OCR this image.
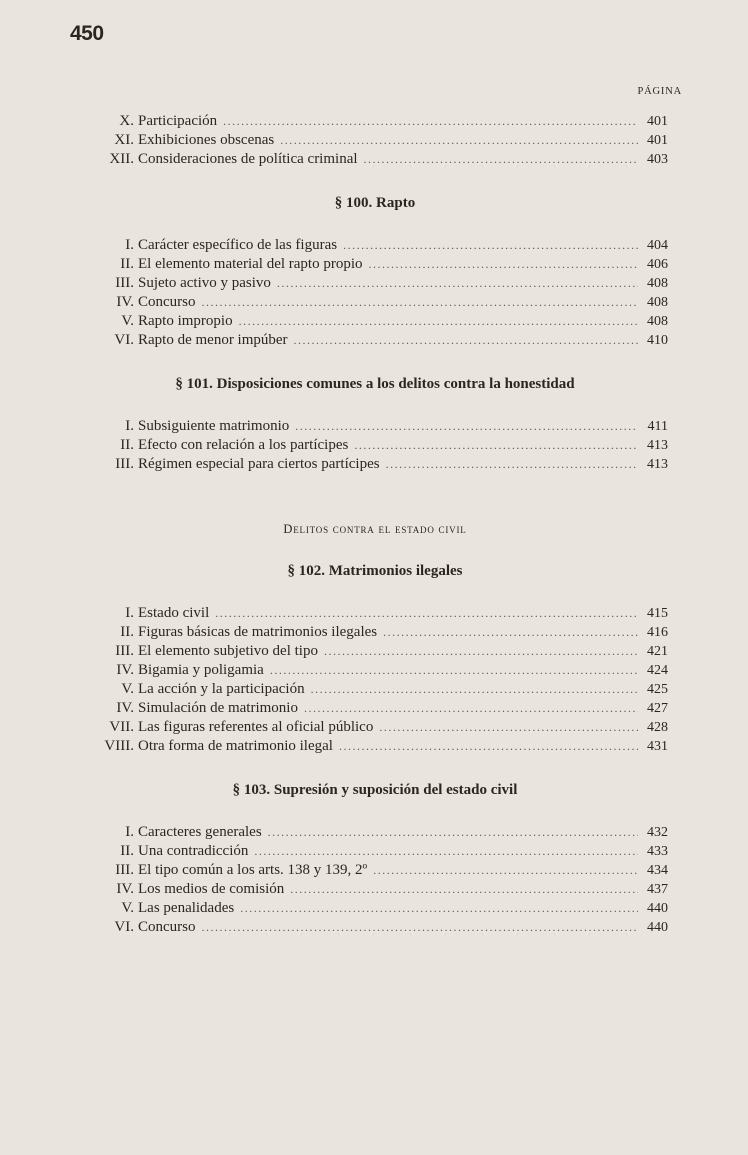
450
PÁGINA
X. Participación .....	401
XI. Exhibiciones obscenas .....	401
XII. Consideraciones de política criminal .....	403
§ 100. Rapto
I. Carácter específico de las figuras .....	404
II. El elemento material del rapto propio .....	406
III. Sujeto activo y pasivo .....	408
IV. Concurso .....	408
V. Rapto impropio .....	408
VI. Rapto de menor impúber .....	410
§ 101. Disposiciones comunes a los delitos contra la honestidad
I. Subsiguiente matrimonio .....	411
II. Efecto con relación a los partícipes .....	413
III. Régimen especial para ciertos partícipes .....	413
Delitos contra el estado civil
§ 102. Matrimonios ilegales
I. Estado civil .....	415
II. Figuras básicas de matrimonios ilegales .....	416
III. El elemento subjetivo del tipo .....	421
IV. Bigamia y poligamia .....	424
V. La acción y la participación .....	425
IV. Simulación de matrimonio .....	427
VII. Las figuras referentes al oficial público .....	428
VIII. Otra forma de matrimonio ilegal .....	431
§ 103. Supresión y suposición del estado civil
I. Caracteres generales .....	432
II. Una contradicción .....	433
III. El tipo común a los arts. 138 y 139, 2º .....	434
IV. Los medios de comisión .....	437
V. Las penalidades .....	440
VI. Concurso .....	440
